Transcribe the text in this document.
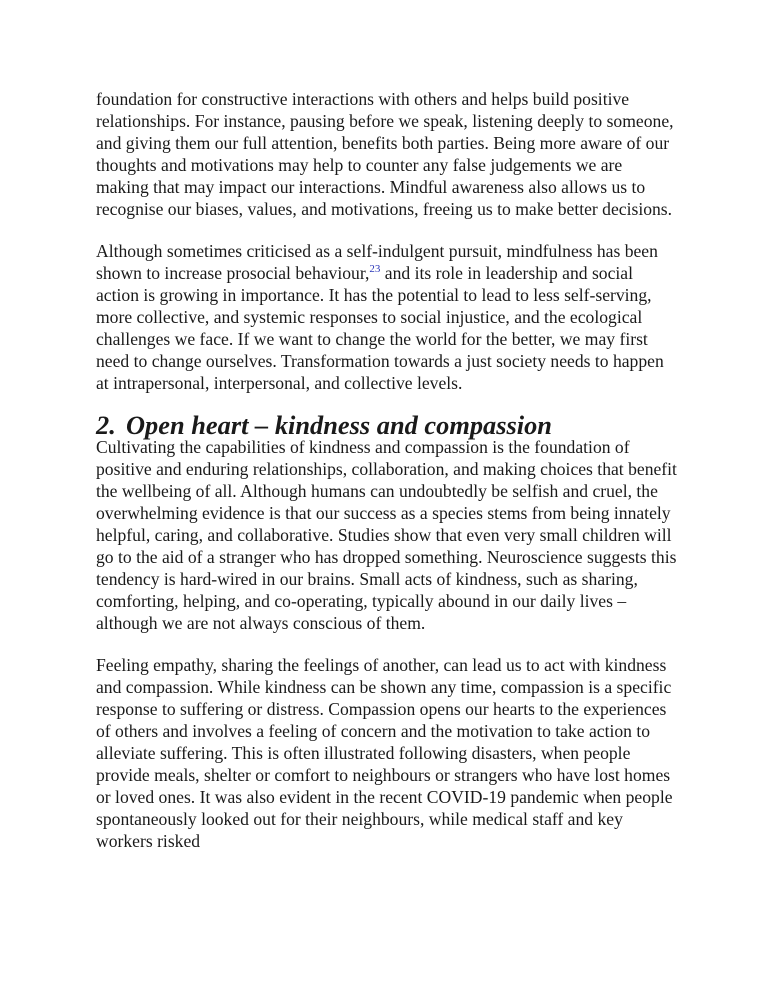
foundation for constructive interactions with others and helps build positive relationships. For instance, pausing before we speak, listening deeply to someone, and giving them our full attention, benefits both parties. Being more aware of our thoughts and motivations may help to counter any false judgements we are making that may impact our interactions. Mindful awareness also allows us to recognise our biases, values, and motivations, freeing us to make better decisions.

Although sometimes criticised as a self-indulgent pursuit, mindfulness has been shown to increase prosocial behaviour,$^{23}$ and its role in leadership and social action is growing in importance. It has the potential to lead to less self-serving, more collective, and systemic responses to social injustice, and the ecological challenges we face. If we want to change the world for the better, we may first need to change ourselves. Transformation towards a just society needs to happen at intrapersonal, interpersonal, and collective levels.

2. Open heart – kindness and compassion

Cultivating the capabilities of kindness and compassion is the foundation of positive and enduring relationships, collaboration, and making choices that benefit the wellbeing of all. Although humans can undoubtedly be selfish and cruel, the overwhelming evidence is that our success as a species stems from being innately helpful, caring, and collaborative. Studies show that even very small children will go to the aid of a stranger who has dropped something. Neuroscience suggests this tendency is hard-wired in our brains. Small acts of kindness, such as sharing, comforting, helping, and co-operating, typically abound in our daily lives – although we are not always conscious of them.

Feeling empathy, sharing the feelings of another, can lead us to act with kindness and compassion. While kindness can be shown any time, compassion is a specific response to suffering or distress. Compassion opens our hearts to the experiences of others and involves a feeling of concern and the motivation to take action to alleviate suffering. This is often illustrated following disasters, when people provide meals, shelter or comfort to neighbours or strangers who have lost homes or loved ones. It was also evident in the recent COVID-19 pandemic when people spontaneously looked out for their neighbours, while medical staff and key workers risked
